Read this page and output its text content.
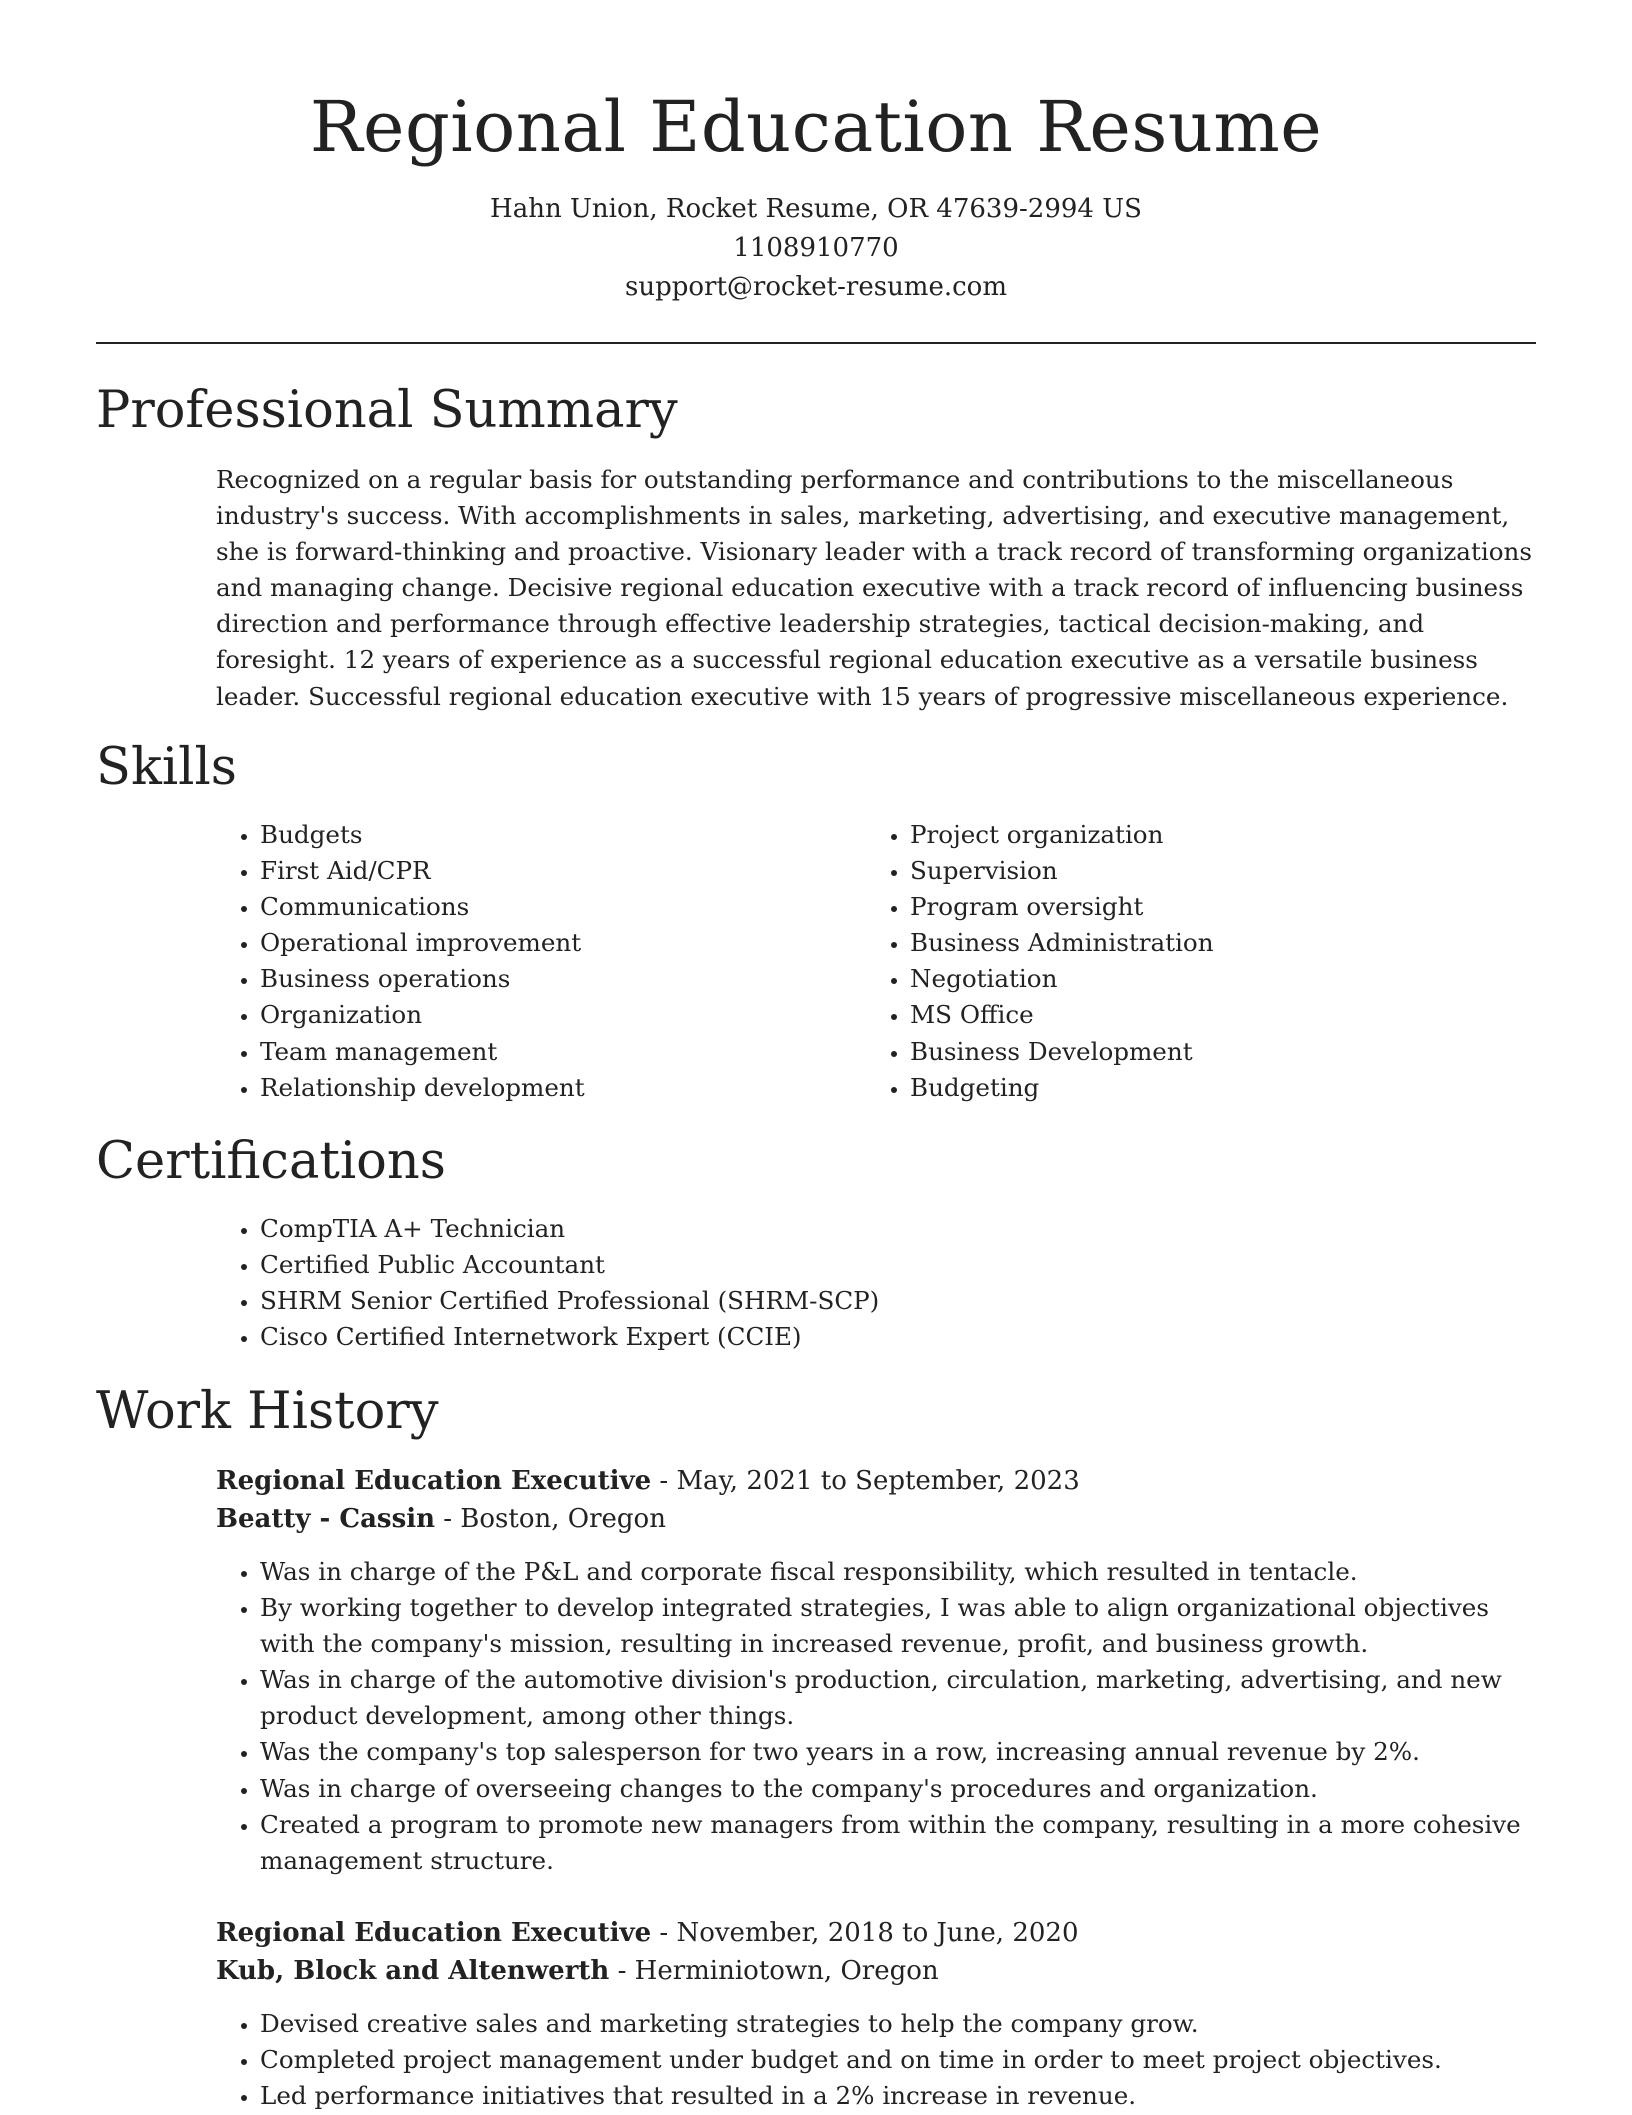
Regional Education Resume
Hahn Union, Rocket Resume, OR 47639-2994 US
1108910770
support@rocket-resume.com
Professional Summary

Recognized on a regular basis for outstanding performance and contributions to the miscellaneous industry's success. With accomplishments in sales, marketing, advertising, and executive management, she is forward-thinking and proactive. Visionary leader with a track record of transforming organizations and managing change. Decisive regional education executive with a track record of influencing business direction and performance through effective leadership strategies, tactical decision-making, and foresight. 12 years of experience as a successful regional education executive as a versatile business leader. Successful regional education executive with 15 years of progressive miscellaneous experience.

Skills
• Budgets
• First Aid/CPR
• Communications
• Operational improvement
• Business operations
• Organization
• Team management
• Relationship development
• Project organization
• Supervision
• Program oversight
• Business Administration
• Negotiation
• MS Office
• Business Development
• Budgeting
Certifications
• CompTIA A+ Technician
• Certified Public Accountant
• SHRM Senior Certified Professional (SHRM-SCP)
• Cisco Certified Internetwork Expert (CCIE)
Work History
Regional Education Executive - May, 2021 to September, 2023
Beatty - Cassin - Boston, Oregon
• Was in charge of the P&L and corporate fiscal responsibility, which resulted in tentacle.
• By working together to develop integrated strategies, I was able to align organizational objectives with the company's mission, resulting in increased revenue, profit, and business growth.
• Was in charge of the automotive division's production, circulation, marketing, advertising, and new product development, among other things.
• Was the company's top salesperson for two years in a row, increasing annual revenue by 2%.
• Was in charge of overseeing changes to the company's procedures and organization.
• Created a program to promote new managers from within the company, resulting in a more cohesive management structure.
Regional Education Executive - November, 2018 to June, 2020
Kub, Block and Altenwerth - Herminiotown, Oregon
• Devised creative sales and marketing strategies to help the company grow.
• Completed project management under budget and on time in order to meet project objectives.
• Led performance initiatives that resulted in a 2% increase in revenue.
